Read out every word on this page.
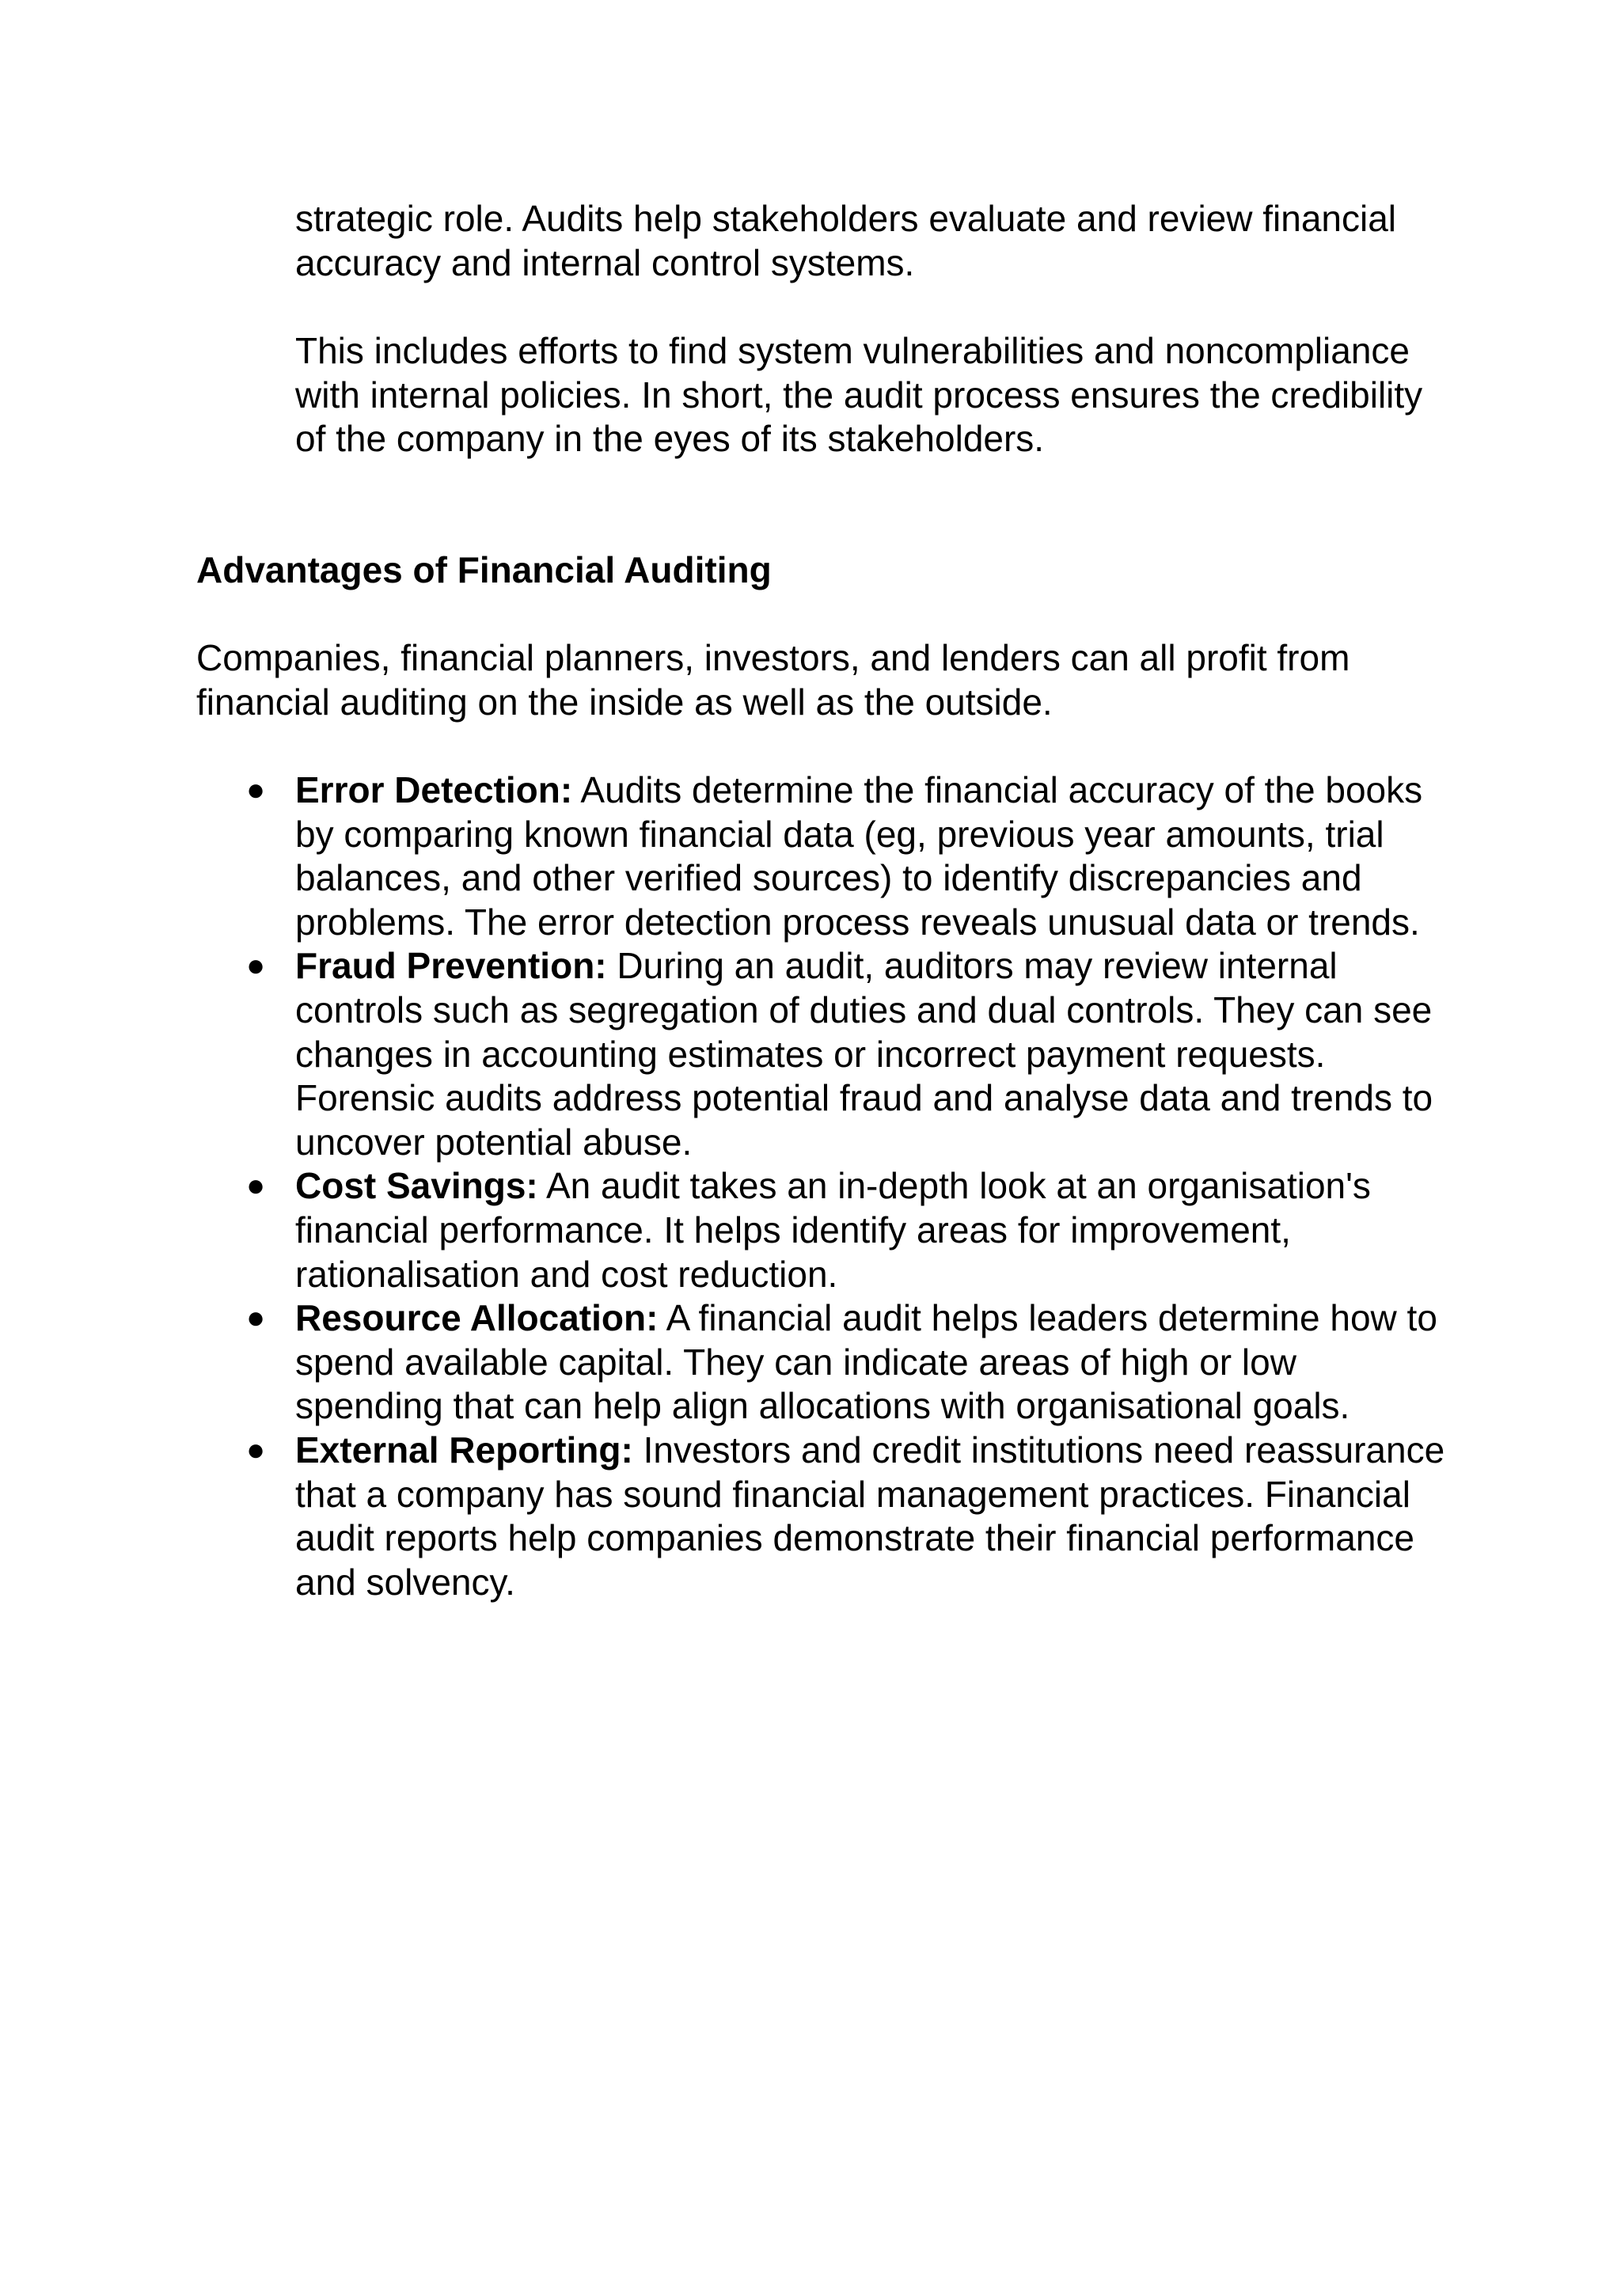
strategic role. Audits help stakeholders evaluate and review financial accuracy and internal control systems.

This includes efforts to find system vulnerabilities and noncompliance with internal policies. In short, the audit process ensures the credibility of the company in the eyes of its stakeholders.

Advantages of Financial Auditing

Companies, financial planners, investors, and lenders can all profit from financial auditing on the inside as well as the outside.

● Error Detection: Audits determine the financial accuracy of the books by comparing known financial data (eg, previous year amounts, trial balances, and other verified sources) to identify discrepancies and problems. The error detection process reveals unusual data or trends.
● Fraud Prevention: During an audit, auditors may review internal controls such as segregation of duties and dual controls. They can see changes in accounting estimates or incorrect payment requests. Forensic audits address potential fraud and analyse data and trends to uncover potential abuse.
● Cost Savings: An audit takes an in-depth look at an organisation's financial performance. It helps identify areas for improvement, rationalisation and cost reduction.
● Resource Allocation: A financial audit helps leaders determine how to spend available capital. They can indicate areas of high or low spending that can help align allocations with organisational goals.
● External Reporting: Investors and credit institutions need reassurance that a company has sound financial management practices. Financial audit reports help companies demonstrate their financial performance and solvency.
